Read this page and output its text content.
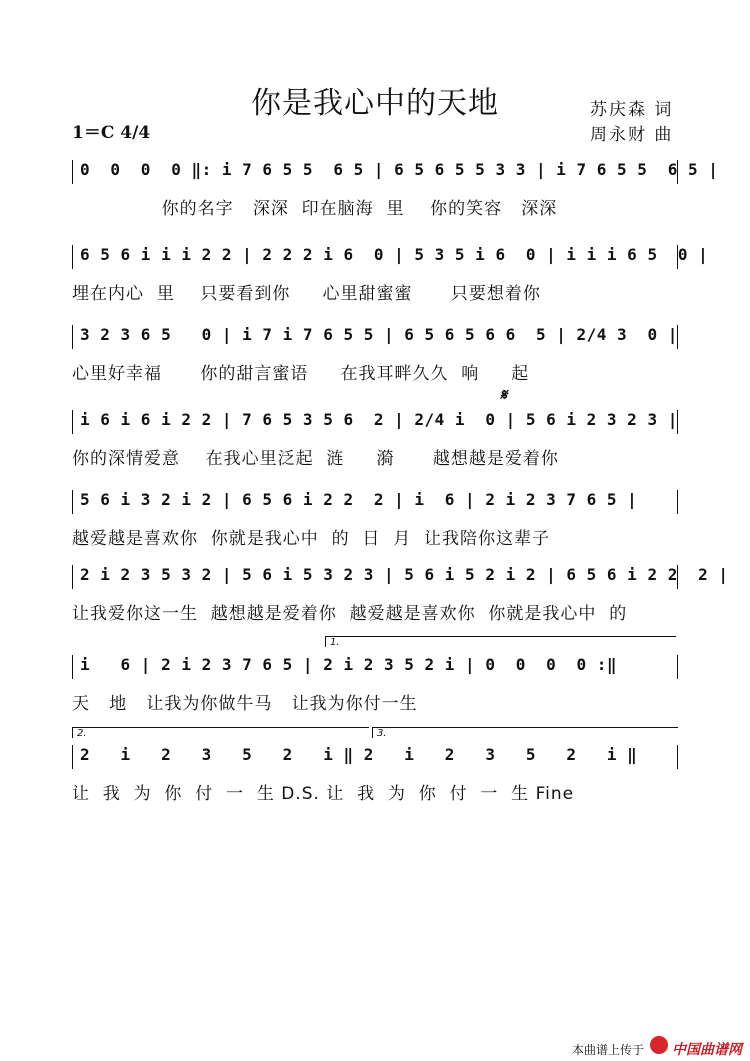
你是我心中的天地	苏庆森 词
周永财 曲
1＝C 4/4
0  0  0  0 ‖: i 7 6 5 5  6 5 | 6 5 6 5 5 3 3 | i 7 6 5 5  6 5 |
你的名字   深深  印在脑海  里    你的笑容   深深
6 5 6 i i i 2 2 | 2 2 2 i 6  0 | 5 3 5 i 6  0 | i i i 6 5  0 |
埋在内心  里    只要看到你     心里甜蜜蜜      只要想着你
3 2 3 6 5   0 | i 7 i 7 6 5 5 | 6 5 6 5 6 6  5 | 2/4 3  0 |
心里好幸福      你的甜言蜜语     在我耳畔久久  响     起
𝄋
i 6 i 6 i 2 2 | 7 6 5 3 5 6  2 | 2/4 i  0 | 5 6 i 2 3 2 3 |
你的深情爱意    在我心里泛起  涟     漪      越想越是爱着你
5 6 i 3 2 i 2 | 6 5 6 i 2 2  2 | i  6 | 2 i 2 3 7 6 5 |
越爱越是喜欢你  你就是我心中  的  日  月  让我陪你这辈子
2 i 2 3 5 3 2 | 5 6 i 5 3 2 3 | 5 6 i 5 2 i 2 | 6 5 6 i 2 2  2 |
让我爱你这一生  越想越是爱着你  越爱越是喜欢你  你就是我心中  的
1.
i   6 | 2 i 2 3 7 6 5 | 2 i 2 3 5 2 i | 0  0  0  0 :‖
天   地   让我为你做牛马   让我为你付一生
2.	3.
2   i   2   3   5   2   i ‖ 2   i   2   3   5   2   i ‖
让  我  为  你  付  一  生 D.S. 让  我  为  你  付  一  生 Fine
本曲谱上传于 中国曲谱网
